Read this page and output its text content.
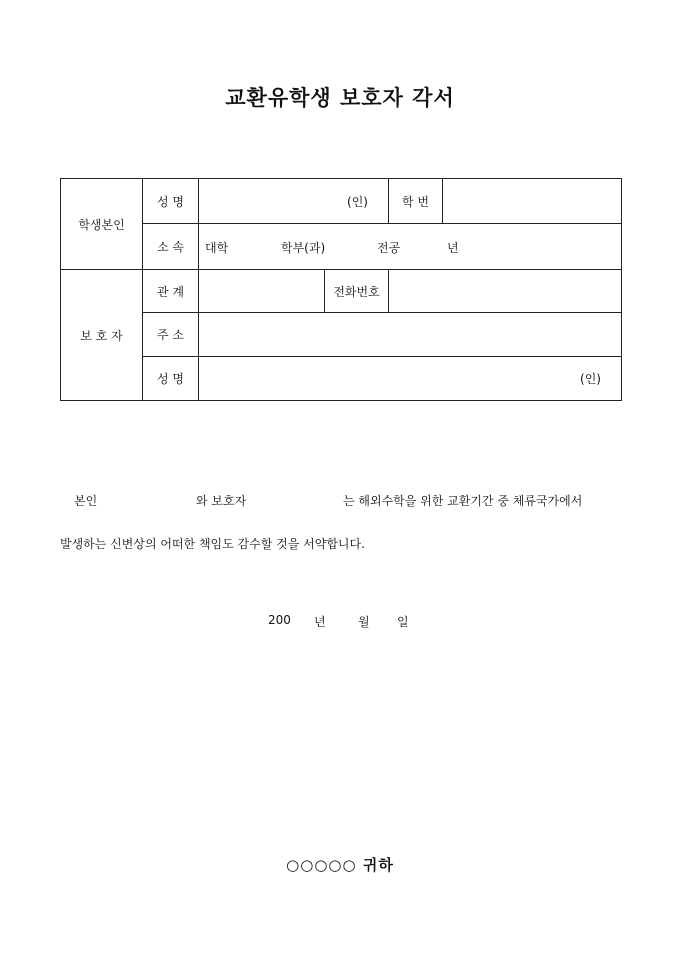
교환유학생 보호자 각서
학생본인	성 명	(인)		학 번	
	소 속	대학 학부(과) 전공 년			

보 호 자	관 계		전화번호		
	주 소				
	성 명	(인)			
본인	와 보호자	는 해외수학을 위한 교환기간 중 체류국가에서
발생하는 신변상의 어떠한 책임도 감수할 것을 서약합니다.
200 년	월 일
○○○○○ 귀하
